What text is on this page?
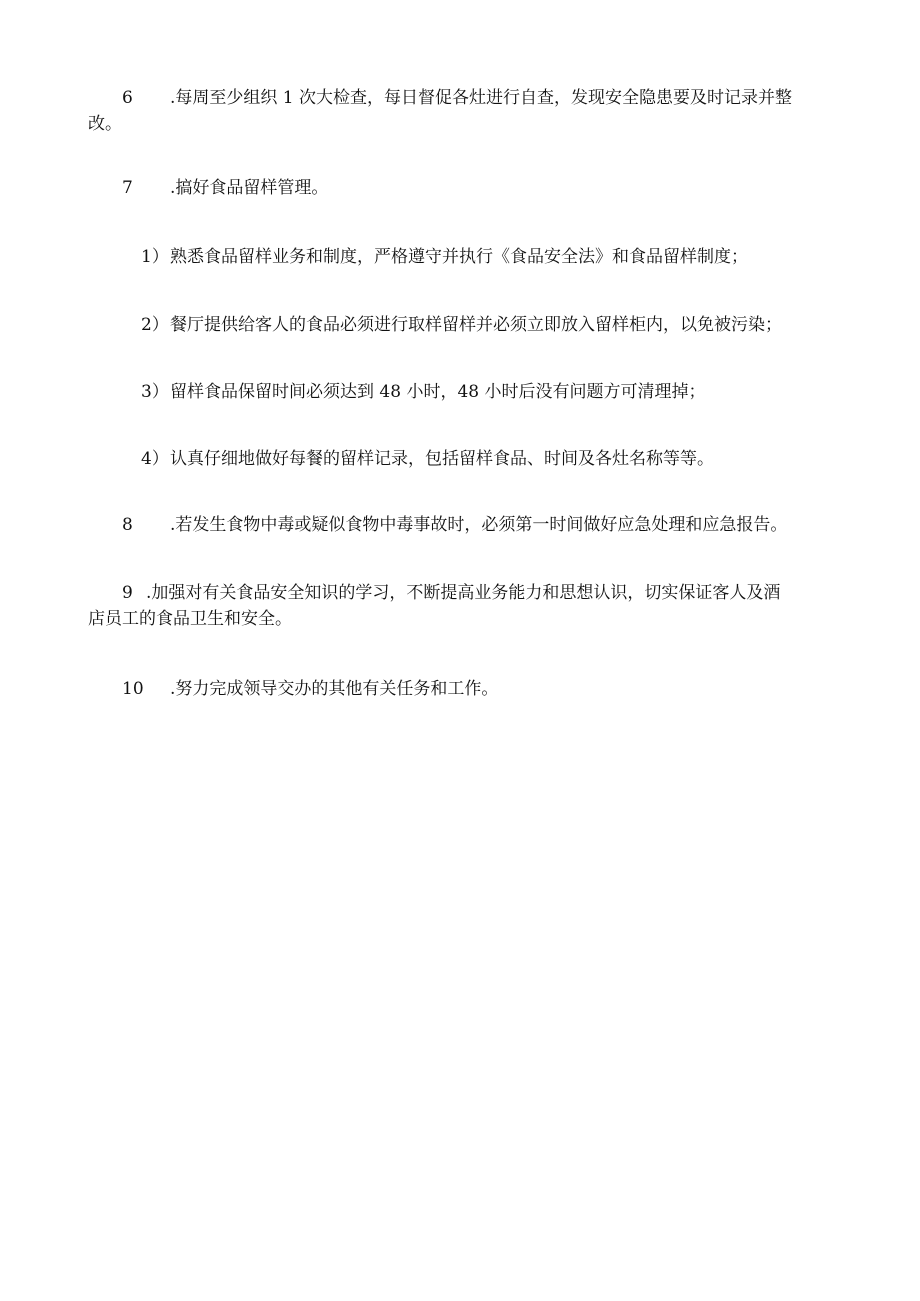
6 .每周至少组织 1 次大检查，每日督促各灶进行自查，发现安全隐患要及时记录并整
改。
7 .搞好食品留样管理。
1） 熟悉食品留样业务和制度，严格遵守并执行《食品安全法》和食品留样制度；
2） 餐厅提供给客人的食品必须进行取样留样并必须立即放入留样柜内，以免被污染；
3） 留样食品保留时间必须达到 48 小时，48 小时后没有问题方可清理掉；
4） 认真仔细地做好每餐的留样记录，包括留样食品、时间及各灶名称等等。
8 .若发生食物中毒或疑似食物中毒事故时，必须第一时间做好应急处理和应急报告。
9 .加强对有关食品安全知识的学习，不断提高业务能力和思想认识，切实保证客人及酒
店员工的食品卫生和安全。
10 .努力完成领导交办的其他有关任务和工作。
